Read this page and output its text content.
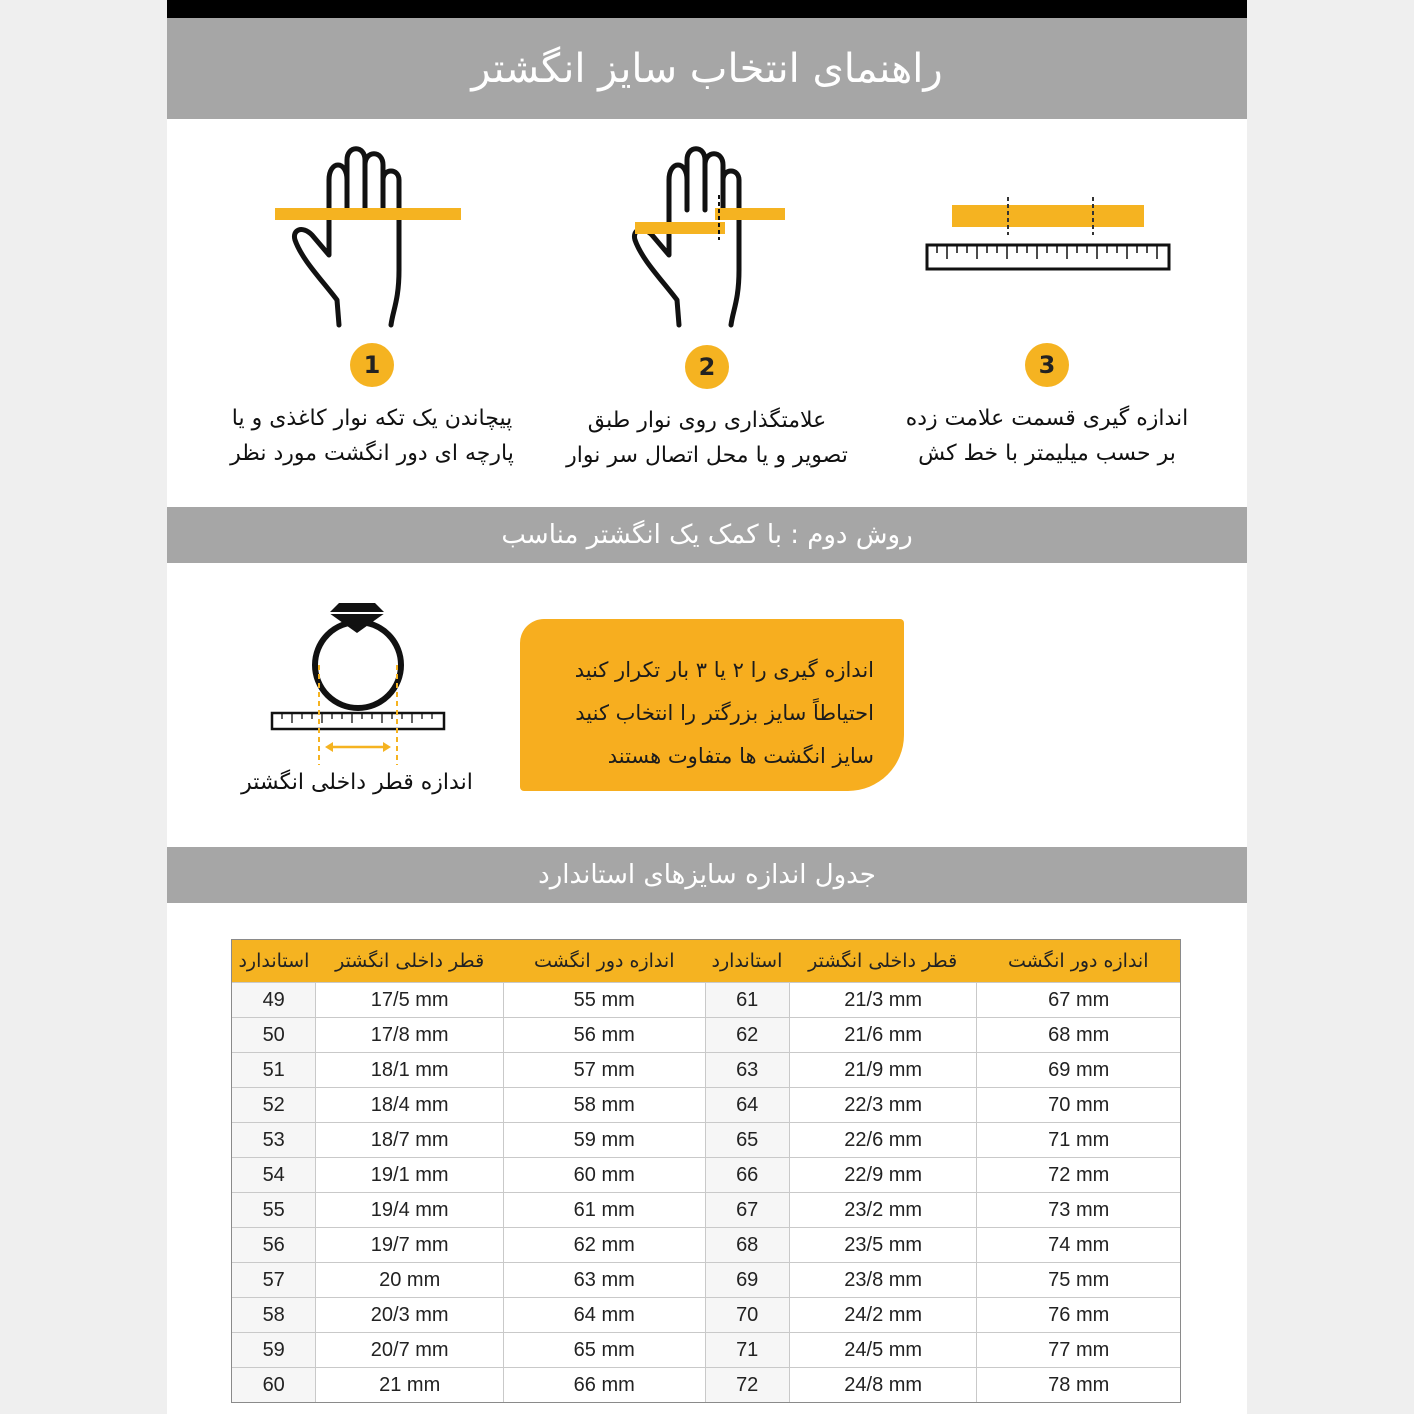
راهنمای انتخاب سایز انگشتر
1
پیچاندن یک تکه نوار کاغذی و یا
پارچه ای دور انگشت مورد نظر
2
علامتگذاری روی نوار طبق
تصویر و یا محل اتصال سر نوار
3
اندازه گیری قسمت علامت زده
بر حسب میلیمتر با خط کش
روش دوم : با کمک یک انگشتر مناسب
اندازه قطر داخلی انگشتر
اندازه گیری را ۲ یا ۳ بار تکرار کنید
احتیاطاً سایز بزرگتر را انتخاب کنید
سایز انگشت ها متفاوت هستند
جدول اندازه سایزهای استاندارد
استاندارد	قطر داخلی انگشتر	اندازه دور انگشت	استاندارد	قطر داخلی انگشتر	اندازه دور انگشت
49	17/5 mm	55 mm	61	21/3 mm	67 mm
50	17/8 mm	56 mm	62	21/6 mm	68 mm
51	18/1 mm	57 mm	63	21/9 mm	69 mm
52	18/4 mm	58 mm	64	22/3 mm	70 mm
53	18/7 mm	59 mm	65	22/6 mm	71 mm
54	19/1 mm	60 mm	66	22/9 mm	72 mm
55	19/4 mm	61 mm	67	23/2 mm	73 mm
56	19/7 mm	62 mm	68	23/5 mm	74 mm
57	20 mm	63 mm	69	23/8 mm	75 mm
58	20/3 mm	64 mm	70	24/2 mm	76 mm
59	20/7 mm	65 mm	71	24/5 mm	77 mm
60	21 mm	66 mm	72	24/8 mm	78 mm
